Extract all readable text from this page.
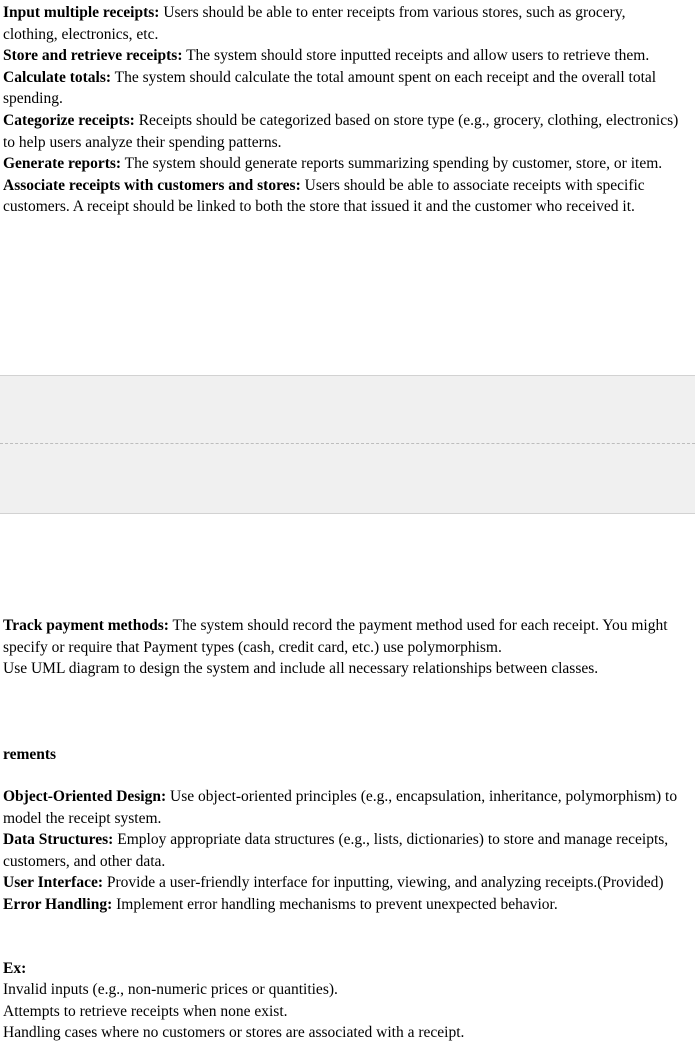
Input multiple receipts: Users should be able to enter receipts from various stores, such as grocery, clothing, electronics, etc.

Store and retrieve receipts: The system should store inputted receipts and allow users to retrieve them.

Calculate totals: The system should calculate the total amount spent on each receipt and the overall total spending.

Categorize receipts: Receipts should be categorized based on store type (e.g., grocery, clothing, electronics) to help users analyze their spending patterns.

Generate reports: The system should generate reports summarizing spending by customer, store, or item.

Associate receipts with customers and stores: Users should be able to associate receipts with specific customers. A receipt should be linked to both the store that issued it and the customer who received it.

Track payment methods: The system should record the payment method used for each receipt. You might specify or require that Payment types (cash, credit card, etc.) use polymorphism.

Use UML diagram to design the system and include all necessary relationships between classes.

rements

Object-Oriented Design: Use object-oriented principles (e.g., encapsulation, inheritance, polymorphism) to model the receipt system.

Data Structures: Employ appropriate data structures (e.g., lists, dictionaries) to store and manage receipts, customers, and other data.

User Interface: Provide a user-friendly interface for inputting, viewing, and analyzing receipts.(Provided)

Error Handling: Implement error handling mechanisms to prevent unexpected behavior.

Ex:

Invalid inputs (e.g., non-numeric prices or quantities).

Attempts to retrieve receipts when none exist.

Handling cases where no customers or stores are associated with a receipt.
